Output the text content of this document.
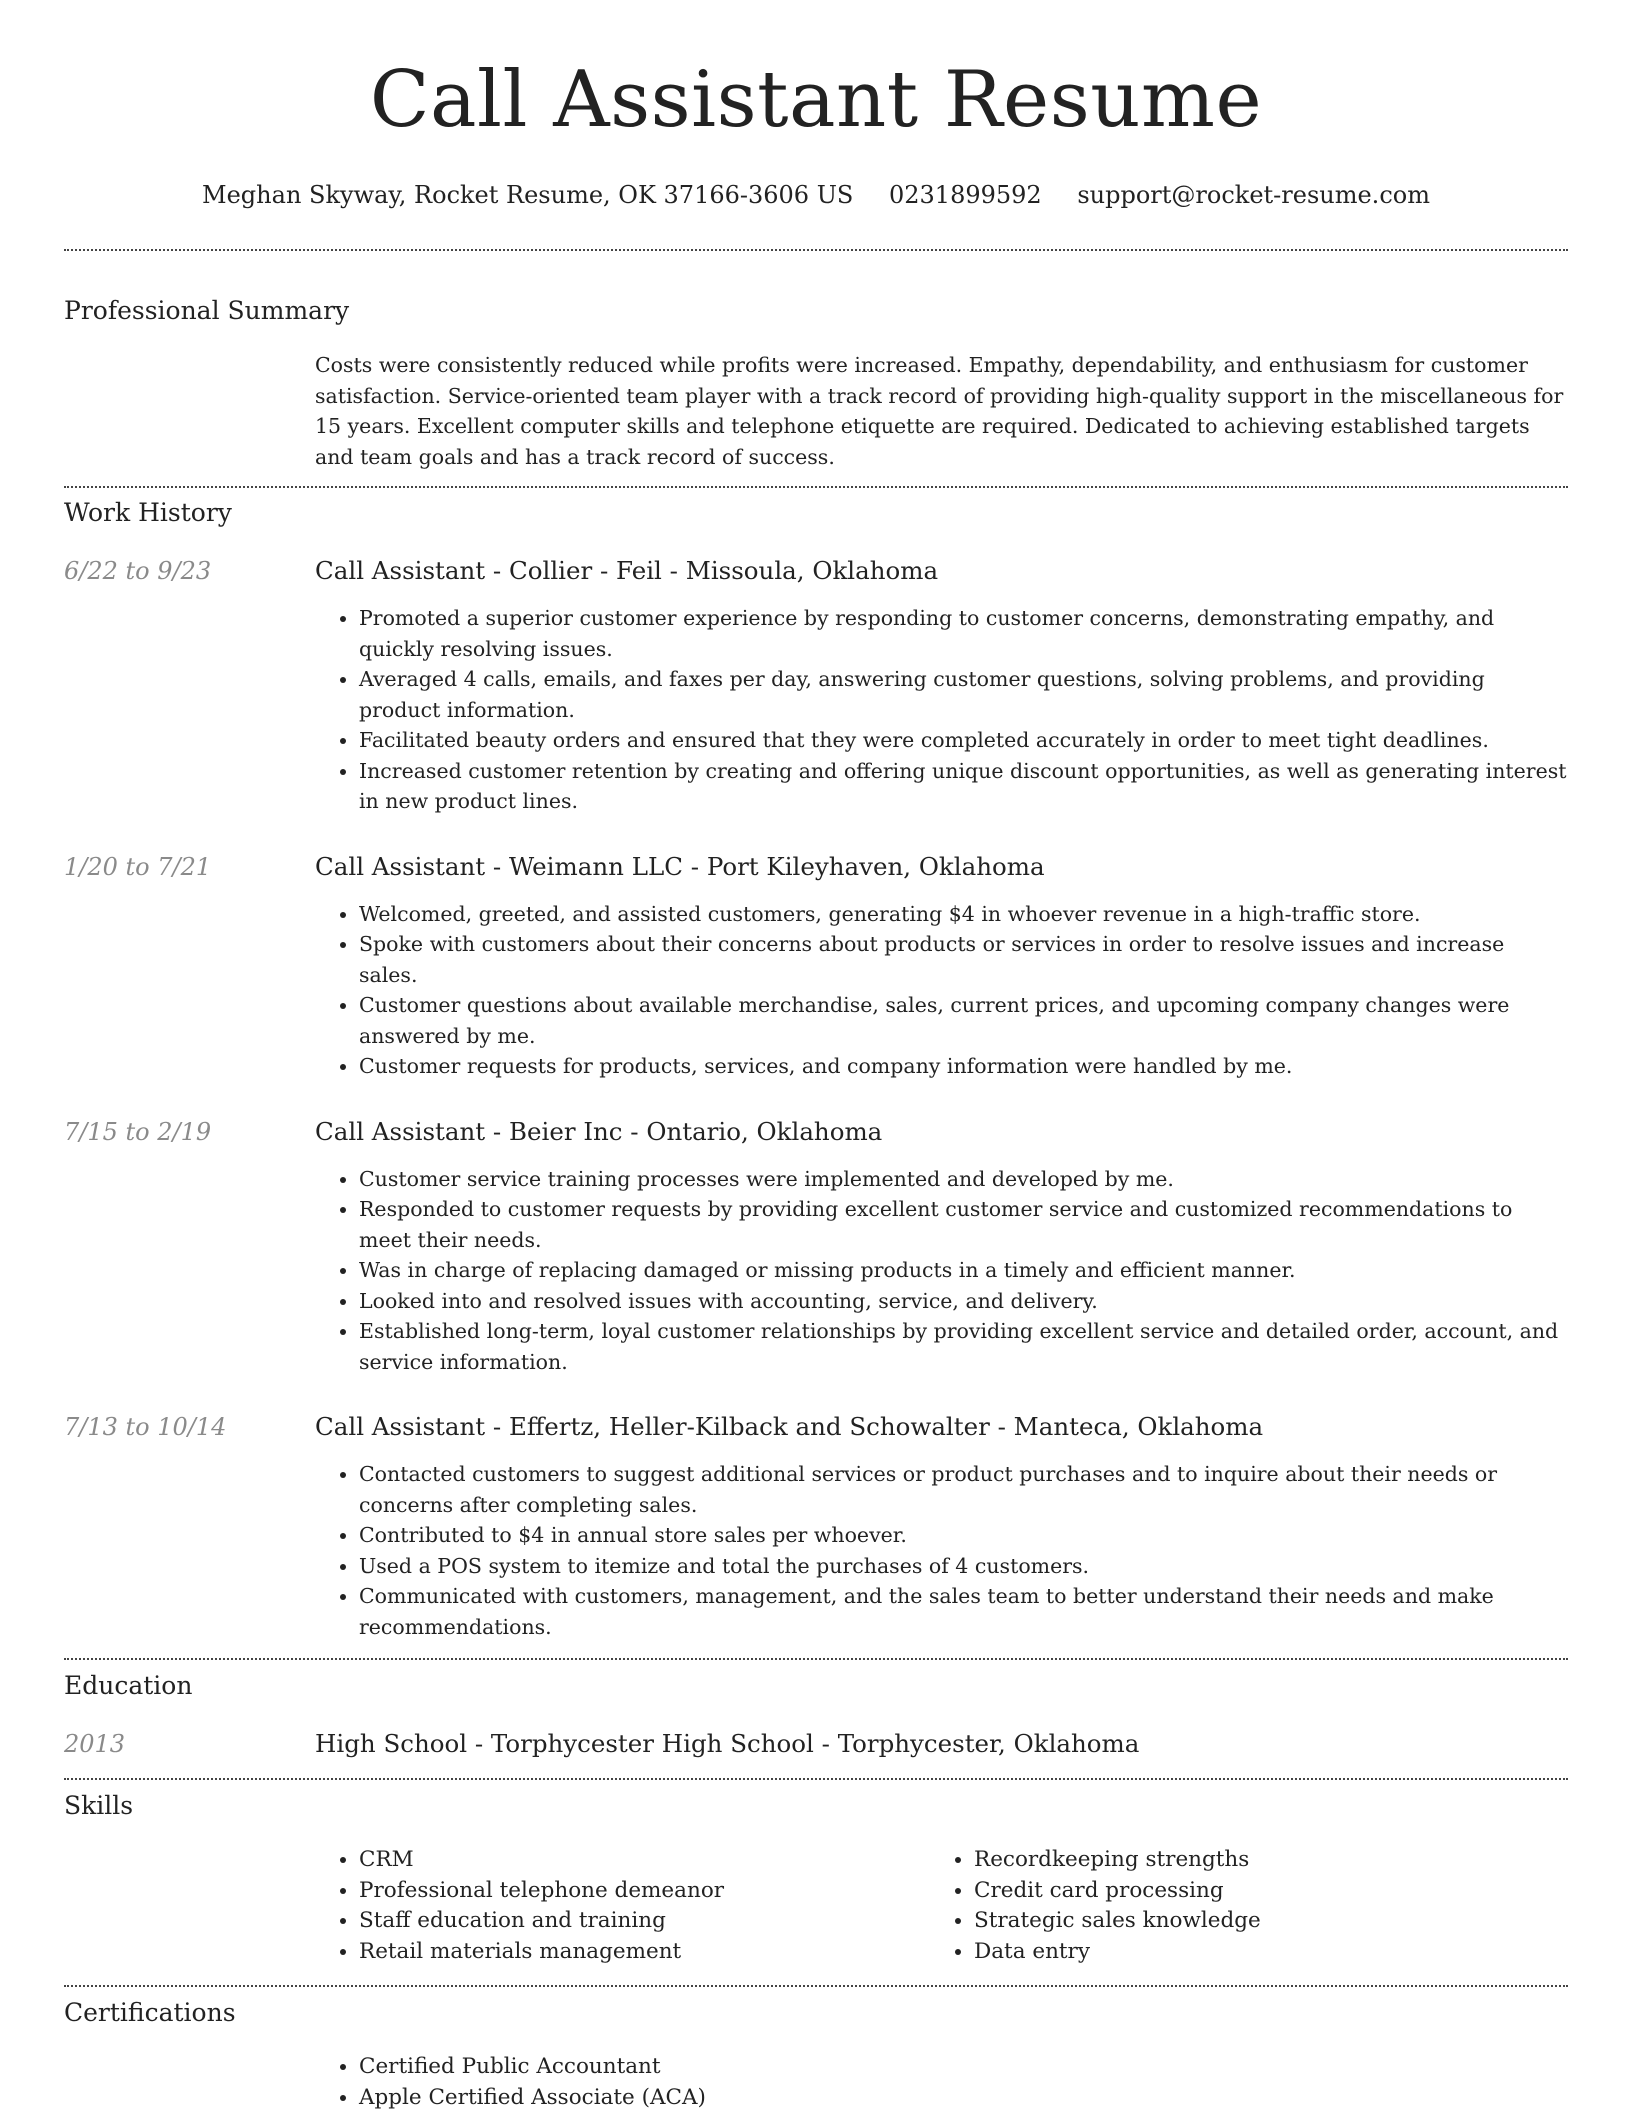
Call Assistant Resume
Meghan Skyway, Rocket Resume, OK 37166-3606 US 0231899592 support@rocket-resume.com
Professional Summary

Costs were consistently reduced while profits were increased. Empathy, dependability, and enthusiasm for customer satisfaction. Service-oriented team player with a track record of providing high-quality support in the miscellaneous for 15 years. Excellent computer skills and telephone etiquette are required. Dedicated to achieving established targets and team goals and has a track record of success.

Work History
6/22 to 9/23	Call Assistant - Collier - Feil - Missoula, Oklahoma
• Promoted a superior customer experience by responding to customer concerns, demonstrating empathy, and quickly resolving issues.
• Averaged 4 calls, emails, and faxes per day, answering customer questions, solving problems, and providing product information.
• Facilitated beauty orders and ensured that they were completed accurately in order to meet tight deadlines.
• Increased customer retention by creating and offering unique discount opportunities, as well as generating interest in new product lines.
1/20 to 7/21	Call Assistant - Weimann LLC - Port Kileyhaven, Oklahoma
• Welcomed, greeted, and assisted customers, generating $4 in whoever revenue in a high-traffic store.
• Spoke with customers about their concerns about products or services in order to resolve issues and increase sales.
• Customer questions about available merchandise, sales, current prices, and upcoming company changes were answered by me.
• Customer requests for products, services, and company information were handled by me.
7/15 to 2/19	Call Assistant - Beier Inc - Ontario, Oklahoma
• Customer service training processes were implemented and developed by me.
• Responded to customer requests by providing excellent customer service and customized recommendations to meet their needs.
• Was in charge of replacing damaged or missing products in a timely and efficient manner.
• Looked into and resolved issues with accounting, service, and delivery.
• Established long-term, loyal customer relationships by providing excellent service and detailed order, account, and service information.
7/13 to 10/14	Call Assistant - Effertz, Heller-Kilback and Schowalter - Manteca, Oklahoma
• Contacted customers to suggest additional services or product purchases and to inquire about their needs or concerns after completing sales.
• Contributed to $4 in annual store sales per whoever.
• Used a POS system to itemize and total the purchases of 4 customers.
• Communicated with customers, management, and the sales team to better understand their needs and make recommendations.
Education
2013	High School - Torphycester High School - Torphycester, Oklahoma
Skills
• CRM
• Professional telephone demeanor
• Staff education and training
• Retail materials management
• Recordkeeping strengths
• Credit card processing
• Strategic sales knowledge
• Data entry
Certifications
• Certified Public Accountant
• Apple Certified Associate (ACA)
